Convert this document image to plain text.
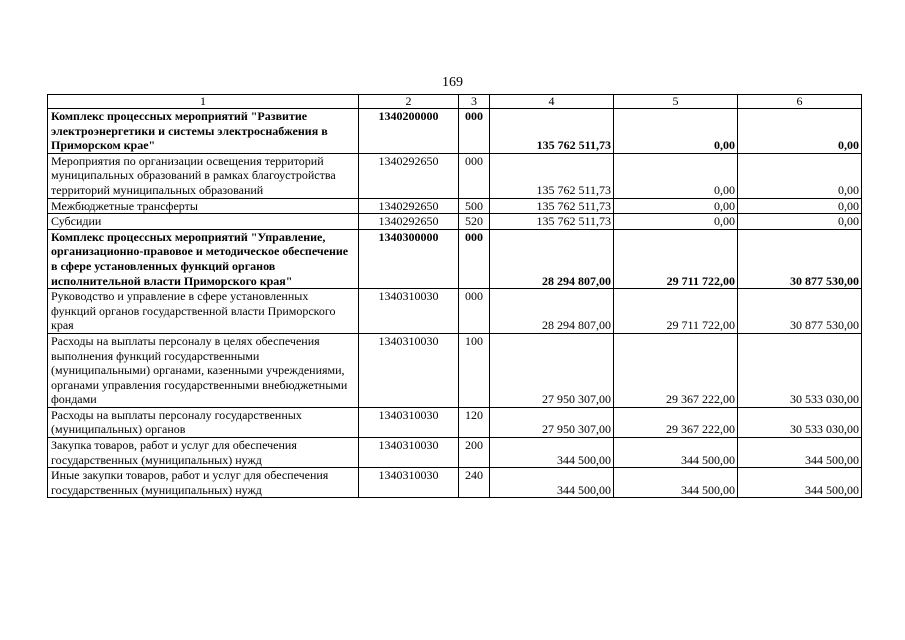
169
1	2	3	4	5	6
Комплекс процессных мероприятий "Развитие электроэнергетики и системы электроснабжения в Приморском крае"	1340200000	000	135 762 511,73	0,00	0,00
Мероприятия по организации освещения территорий муниципальных образований в рамках благоустройства территорий муниципальных образований	1340292650	000	135 762 511,73	0,00	0,00
Межбюджетные трансферты	1340292650	500	135 762 511,73	0,00	0,00
Субсидии	1340292650	520	135 762 511,73	0,00	0,00
Комплекс процессных мероприятий "Управление, организационно-правовое и методическое обеспечение в сфере установленных функций органов исполнительной власти Приморского края"	1340300000	000	28 294 807,00	29 711 722,00	30 877 530,00
Руководство и управление в сфере установленных функций органов государственной власти Приморского края	1340310030	000	28 294 807,00	29 711 722,00	30 877 530,00
Расходы на выплаты персоналу в целях обеспечения выполнения функций государственными (муниципальными) органами, казенными учреждениями, органами управления государственными внебюджетными фондами	1340310030	100	27 950 307,00	29 367 222,00	30 533 030,00
Расходы на выплаты персоналу государственных (муниципальных) органов	1340310030	120	27 950 307,00	29 367 222,00	30 533 030,00
Закупка товаров, работ и услуг для обеспечения государственных (муниципальных) нужд	1340310030	200	344 500,00	344 500,00	344 500,00
Иные закупки товаров, работ и услуг для обеспечения государственных (муниципальных) нужд	1340310030	240	344 500,00	344 500,00	344 500,00
